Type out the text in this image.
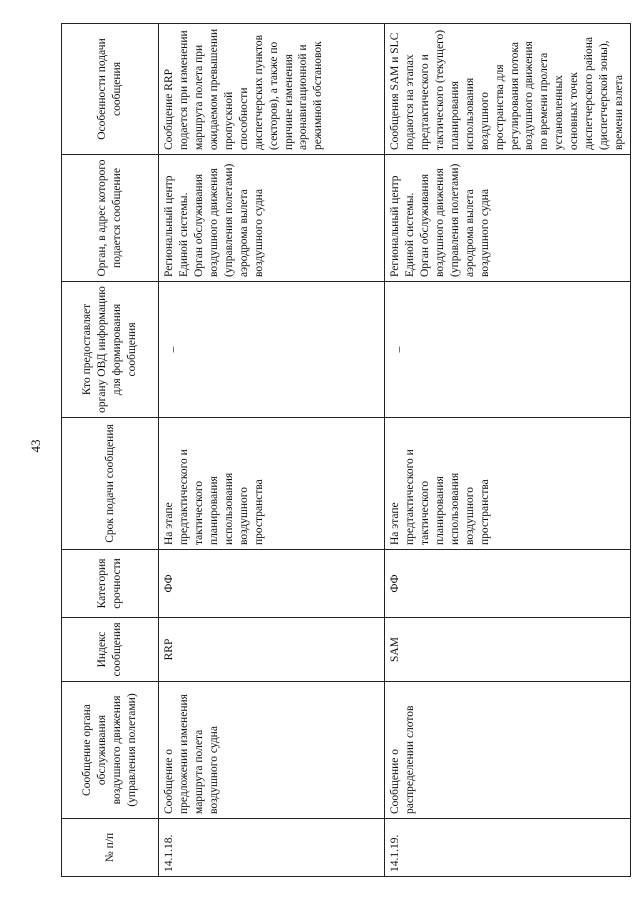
43
№ п/п	Сообщение органа обслуживания воздушного движения (управления полетами)	Индекс сообщения	Категория срочности	Срок подачи сообщения	Кто предоставляет органу ОВД информацию для формирования сообщения	Орган, в адрес которого подается сообщение	Особенности подачи сообщения
14.1.18.	Сообщение о предложении изменения маршрута полета воздушного судна	RRP	ФФ	На этапе предтактического и тактического планирования использования воздушного пространства	–	Региональный центр Единой системы. Орган обслуживания воздушного движения (управления полетами) аэродрома вылета воздушного судна	Сообщение RRP подается при изменении маршрута полета при ожидаемом превышении пропускной способности диспетчерских пунктов (секторов), а также по причине изменения аэронавигационной и режимной обстановок
14.1.19.	Сообщение о распределении слотов	SAM	ФФ	На этапе предтактического и тактического планирования использования воздушного пространства	–	Региональный центр Единой системы. Орган обслуживания воздушного движения (управления полетами) аэродрома вылета воздушного судна	Сообщения SAM и SLC подаются на этапах предтактического и тактического (текущего) планирования использования воздушного пространства для регулирования потока воздушного движения по времени пролета установленных основных точек диспетчерского района (диспетчерской зоны), времени взлета
